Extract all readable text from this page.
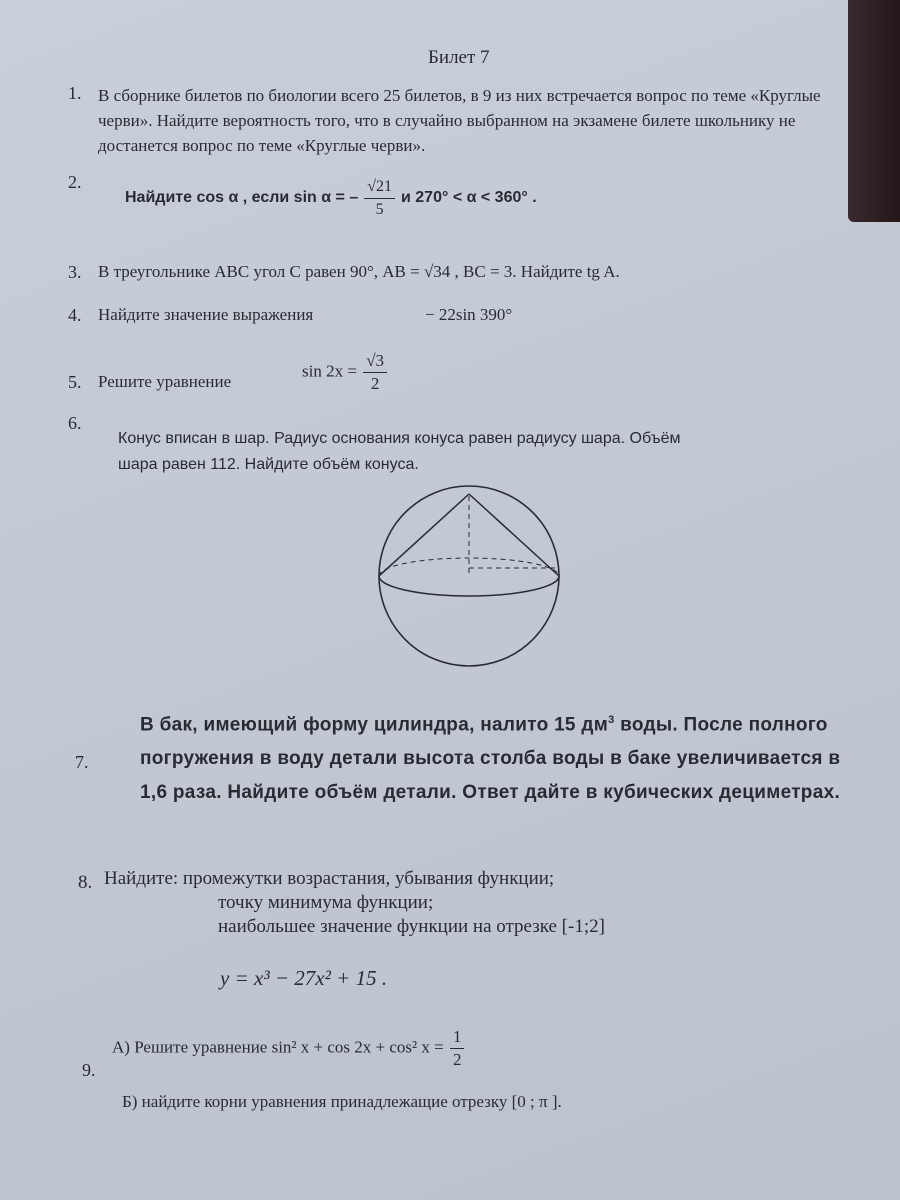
Билет 7
1. В сборнике билетов по биологии всего 25 билетов, в 9 из них встречается вопрос по теме «Круглые черви». Найдите вероятность того, что в случайно выбранном на экзамене билете школьнику не достанется вопрос по теме «Круглые черви».
2.
Найдите cos α , если sin α = – $\frac{√21}{5}$ и 270° < α < 360° .
3. В треугольнике ABC угол C равен 90°, AB = √34 , BC = 3. Найдите tg A.
4. Найдите значение выражения	− 22sin 390°
5. Решите уравнение
$\sin 2x = \frac{√3}{2}$
6.
Конус вписан в шар. Радиус основания конуса равен радиусу шара. Объём
шара равен 112. Найдите объём конуса.
7.
В бак, имеющий форму цилиндра, налито 15 $дм^3$ воды. После полного погружения в воду детали высота столба воды в баке увеличивается в 1,6 раза. Найдите объём детали. Ответ дайте в кубических дециметрах.
8. Найдите: промежутки возрастания, убывания функции;
точку минимума функции;
наибольшее значение функции на отрезке [-1;2]
y = x³ − 27x² + 15 .
9.
А) Решите уравнение sin² x + cos 2x + cos² $x = \frac{1}{2}$
Б) найдите корни уравнения принадлежащие отрезку [0 ; π ].
